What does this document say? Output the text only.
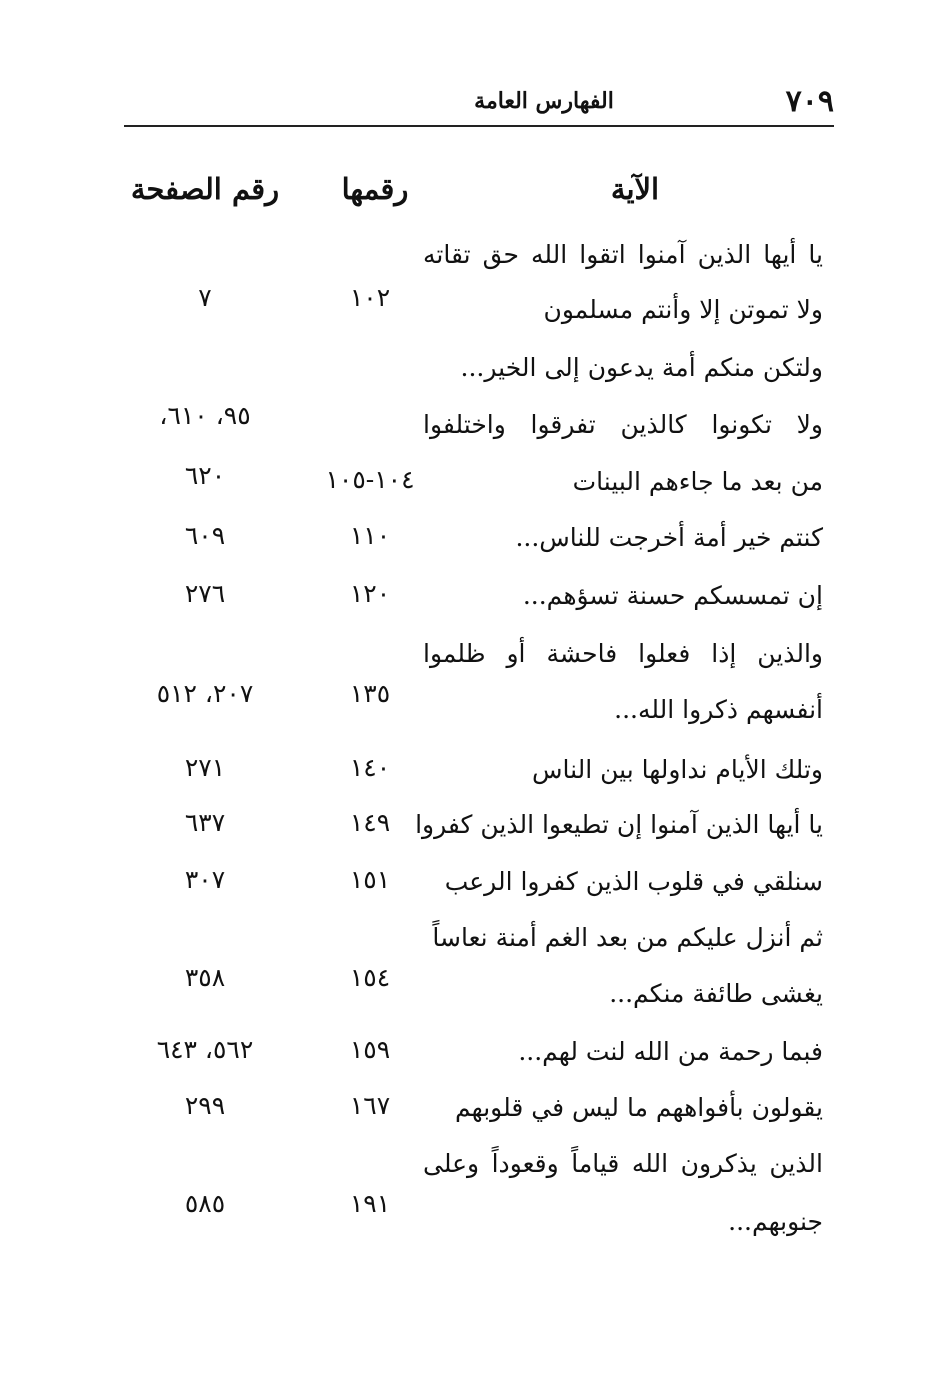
٧٠٩
الفهارس العامة
الآية
رقمها
رقم الصفحة
يا أيها الذين آمنوا اتقوا الله حق تقاته
ولا تموتن إلا وأنتم مسلمون
١٠٢
٧
ولتكن منكم أمة يدعون إلى الخير...
ولا تكونوا كالذين تفرقوا واختلفوا
٩٥، ٦١٠،
من بعد ما جاءهم البينات
١٠٤-١٠٥
٦٢٠
كنتم خير أمة أخرجت للناس...
١١٠
٦٠٩
إن تمسسكم حسنة تسؤهم...
١٢٠
٢٧٦
والذين إذا فعلوا فاحشة أو ظلموا
أنفسهم ذكروا الله...
١٣٥
٢٠٧، ٥١٢
وتلك الأيام نداولها بين الناس
١٤٠
٢٧١
يا أيها الذين آمنوا إن تطيعوا الذين كفروا
١٤٩
٦٣٧
سنلقي في قلوب الذين كفروا الرعب
١٥١
٣٠٧
ثم أنزل عليكم من بعد الغم أمنة نعاساً
يغشى طائفة منكم...
١٥٤
٣٥٨
فبما رحمة من الله لنت لهم...
١٥٩
٥٦٢، ٦٤٣
يقولون بأفواههم ما ليس في قلوبهم
١٦٧
٢٩٩
الذين يذكرون الله قياماً وقعوداً وعلى
جنوبهم...
١٩١
٥٨٥
